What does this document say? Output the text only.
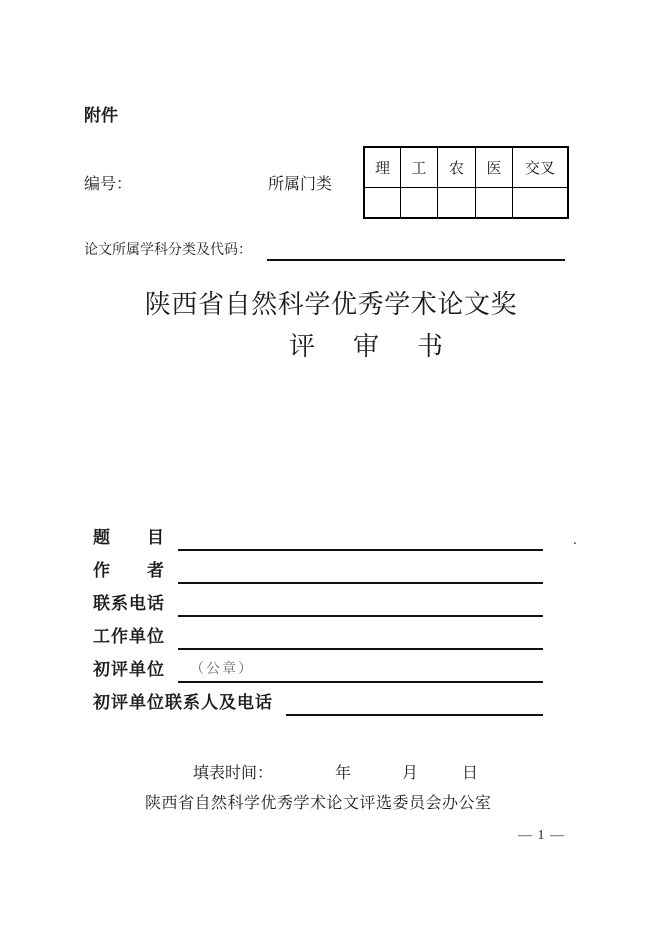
附件
编号：	所属门类
理	工	农	医	交叉
论文所属学科分类及代码：
陕西省自然科学优秀学术论文奖
评　审　书
题　　目
作　　者
联系电话
工作单位
初评单位 （公章）
初评单位联系人及电话
.
填表时间：	年	月	日
陕西省自然科学优秀学术论文评选委员会办公室
— 1 —
